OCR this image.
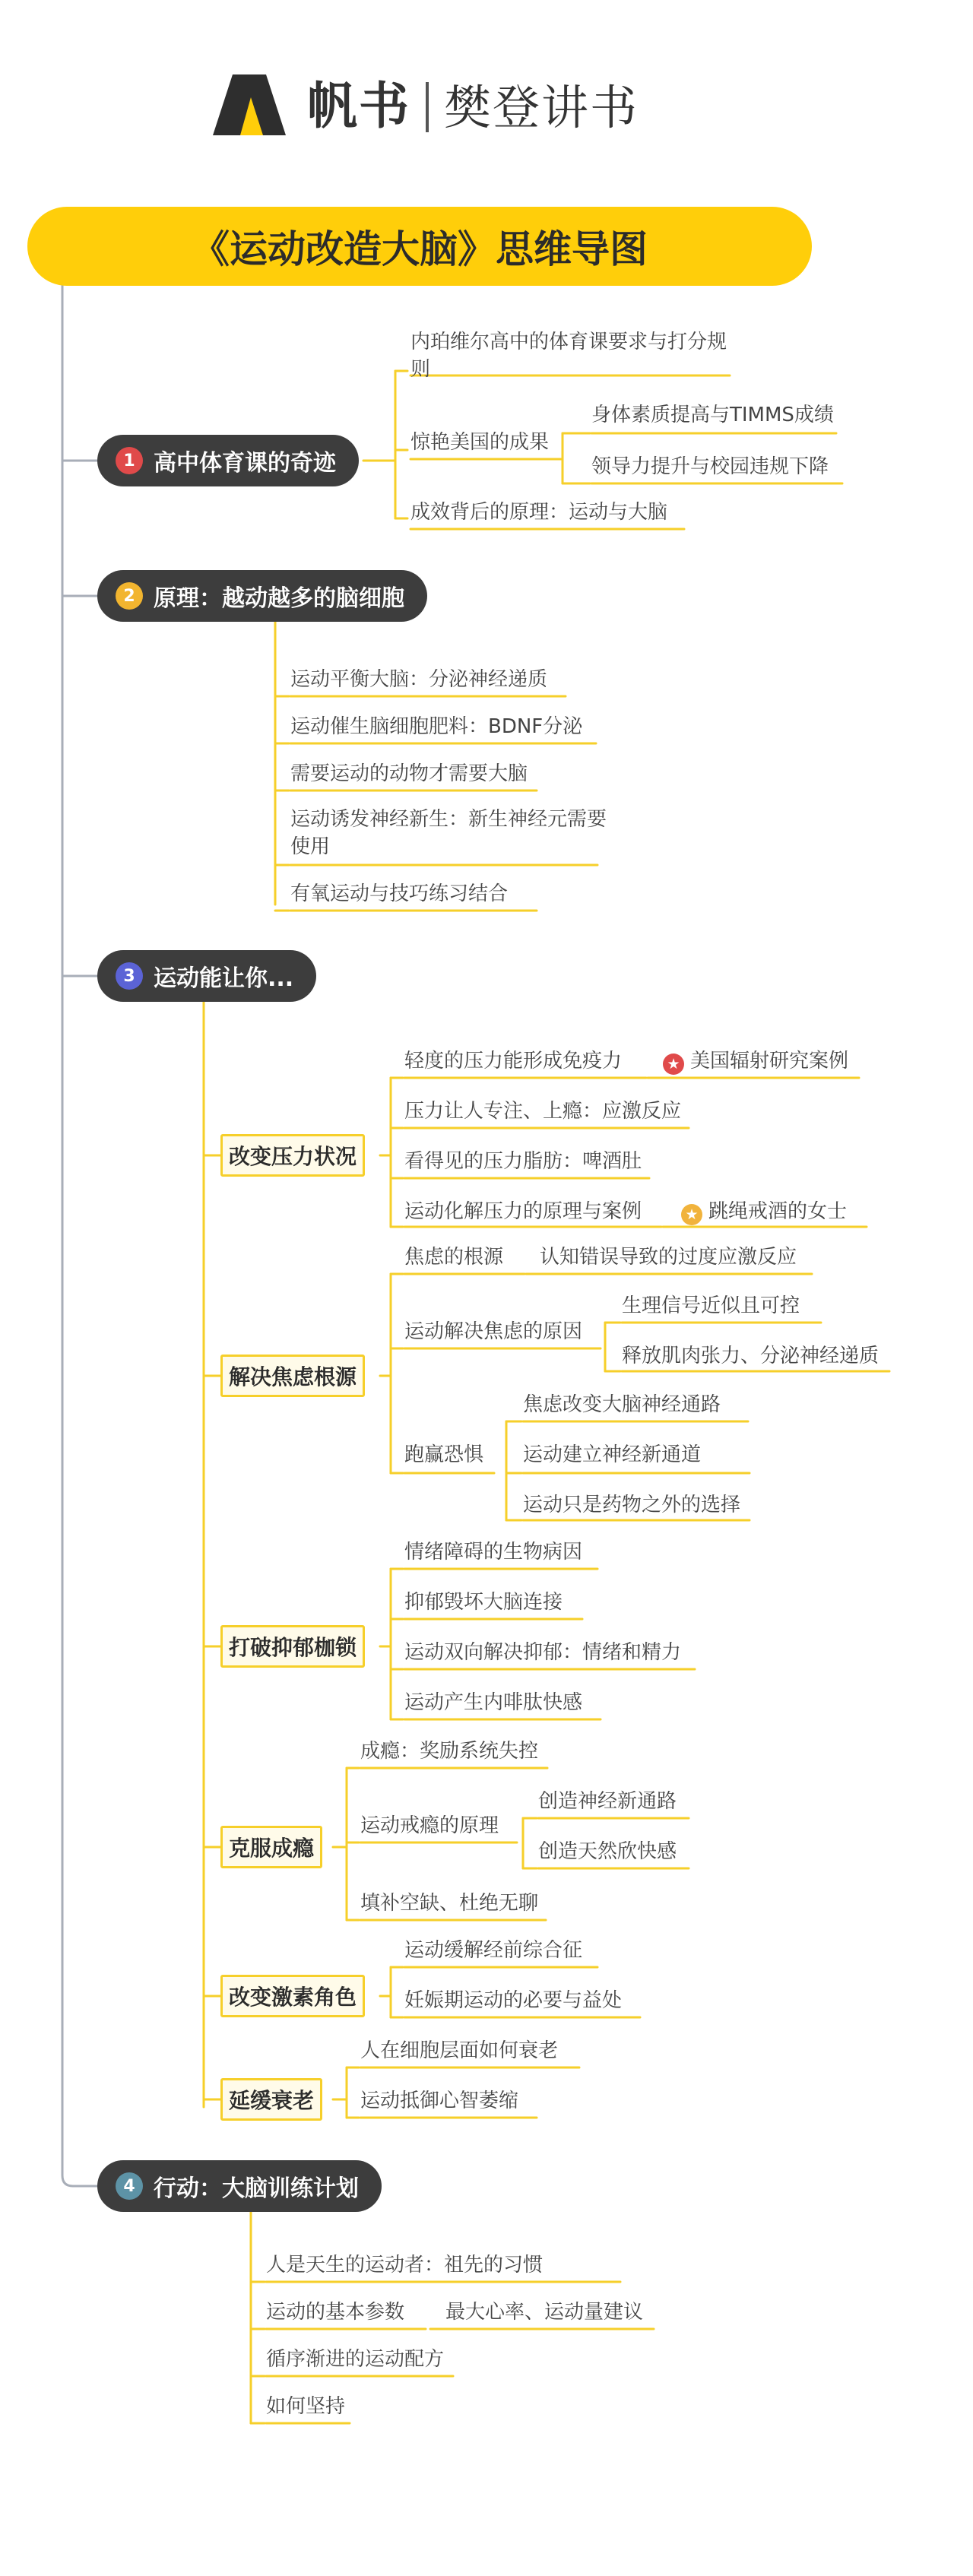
帆书 樊登讲书
《运动改造大脑》思维导图
1 高中体育课的奇迹
内珀维尔高中的体育课要求与打分规则
惊艳美国的成果
身体素质提高与TIMMS成绩
领导力提升与校园违规下降
成效背后的原理：运动与大脑
2 原理：越动越多的脑细胞
运动平衡大脑：分泌神经递质
运动催生脑细胞肥料：BDNF分泌
需要运动的动物才需要大脑
运动诱发神经新生：新生神经元需要使用
有氧运动与技巧练习结合
3 运动能让你...
改变压力状况
轻度的压力能形成免疫力	★ 美国辐射研究案例
压力让人专注、上瘾：应激反应
看得见的压力脂肪：啤酒肚
运动化解压力的原理与案例	★ 跳绳戒酒的女士
解决焦虑根源
焦虑的根源 认知错误导致的过度应激反应
运动解决焦虑的原因
生理信号近似且可控
释放肌肉张力、分泌神经递质
跑赢恐惧
焦虑改变大脑神经通路
运动建立神经新通道
运动只是药物之外的选择
打破抑郁枷锁
情绪障碍的生物病因
抑郁毁坏大脑连接
运动双向解决抑郁：情绪和精力
运动产生内啡肽快感
克服成瘾
成瘾：奖励系统失控
运动戒瘾的原理
创造神经新通路
创造天然欣快感
填补空缺、杜绝无聊
改变激素角色
运动缓解经前综合征
妊娠期运动的必要与益处
延缓衰老
人在细胞层面如何衰老
运动抵御心智萎缩
4 行动：大脑训练计划
人是天生的运动者：祖先的习惯
运动的基本参数 最大心率、运动量建议
循序渐进的运动配方
如何坚持
